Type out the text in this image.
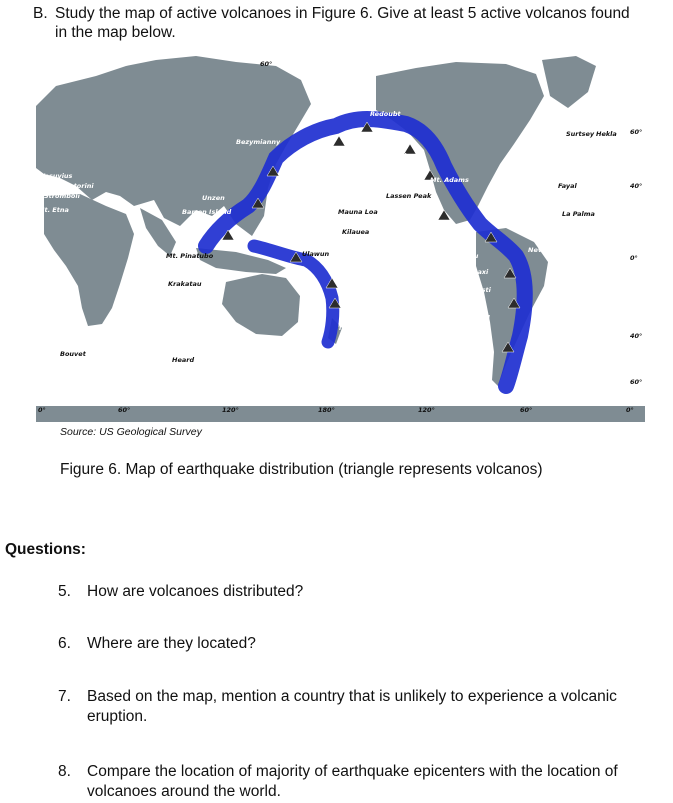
B. Study the map of active volcanoes in Figure 6. Give at least 5 active volcanos found
in the map below.
0°	60°	120°	180°	120°	60°	0°
60°
40°
0°
40°
60°
60°
Vesuvius
Stromboli
Mt. Etna
Santorini
Unzen
Barren Island
Bezymianny
Mt. Fuji
Miyake-shu
Mt. Pinatubo
Krakatau
Ulawun
Tarawera
Redoubt
Mt. Katmai
Mt. Rainier
Mt. St. Helens
Mt. Shasta
Shishaldin
Lassen Peak
Mauna Loa
Kilauea	Paricutin
Cerro Negro
Irazu
Cotopaxi
El Misti
Azul
Burney
Nevado del Ruiz
Mt. Adams
Surtsey Hekla
Fayal
La Palma
Fogo
Mt. Pelée
Bouvet
Heard
Source: US Geological Survey
Figure 6. Map of earthquake distribution (triangle represents volcanos)
Questions:
5. How are volcanoes distributed?
6. Where are they located?
7. Based on the map, mention a country that is unlikely to experience a volcanic eruption.
8. Compare the location of majority of earthquake epicenters with the location of volcanoes around the world.
